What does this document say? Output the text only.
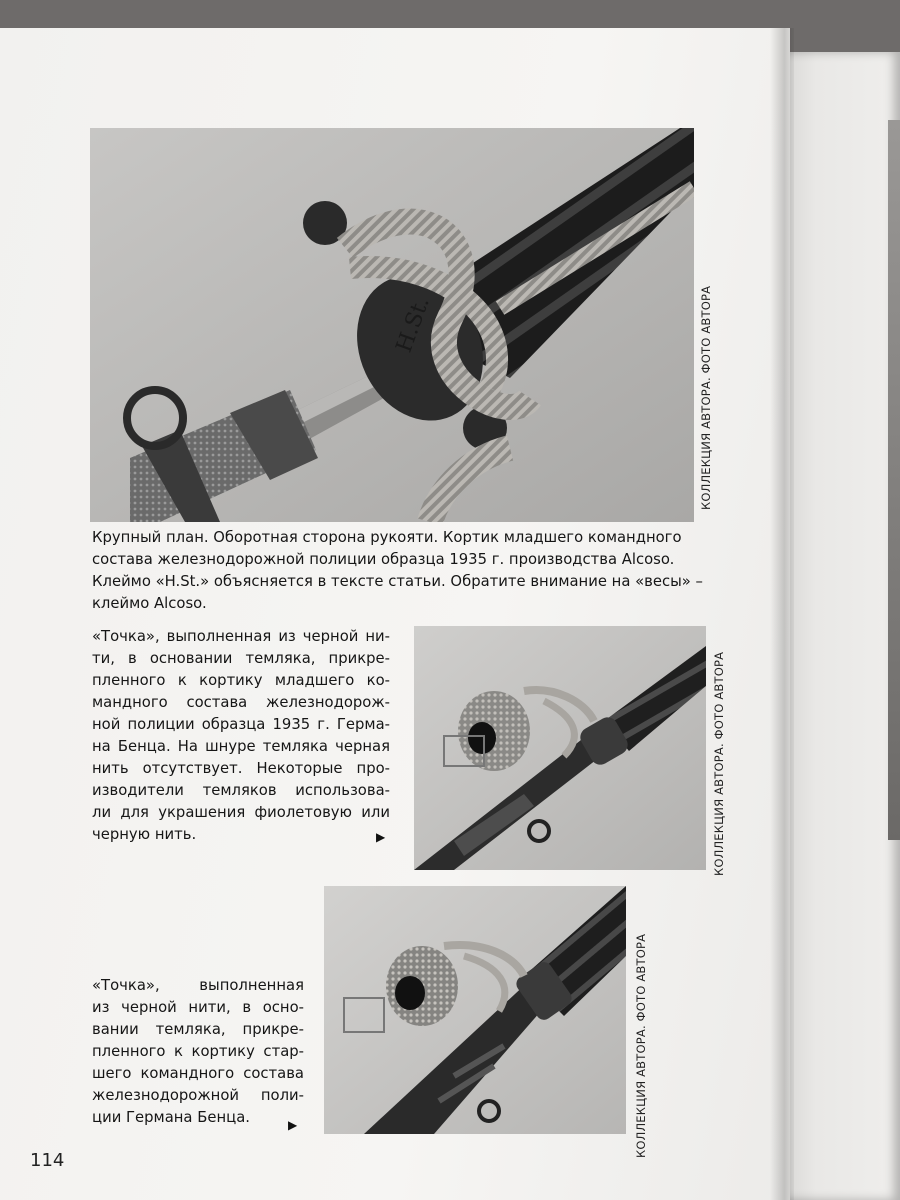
H.St.	КОЛЛЕКЦИЯ АВТОРА. ФОТО АВТОРА
Крупный план. Оборотная сторона рукояти. Кортик младшего командного
состава железнодорожной полиции образца 1935 г. производства Alcoso.
Клеймо «H.St.» объясняется в тексте статьи. Обратите внимание на «весы» –
клеймо Alcoso.
КОЛЛЕКЦИЯ АВТОРА. ФОТО АВТОРА
«Точка», выполненная из черной ни-
ти, в основании темляка, прикре-
пленного к кортику младшего ко-
мандного состава железнодорож-
ной полиции образца 1935 г. Герма-
на Бенца. На шнуре темляка черная
нить отсутствует. Некоторые про-
изводители темляков использова-
ли для украшения фиолетовую или
черную нить.	▶
КОЛЛЕКЦИЯ АВТОРА. ФОТО АВТОРА
«Точка», выполненная
из черной нити, в осно-
вании темляка, прикре-
пленного к кортику стар-
шего командного состава
железнодорожной поли-
ции Германа Бенца.	▶
114
